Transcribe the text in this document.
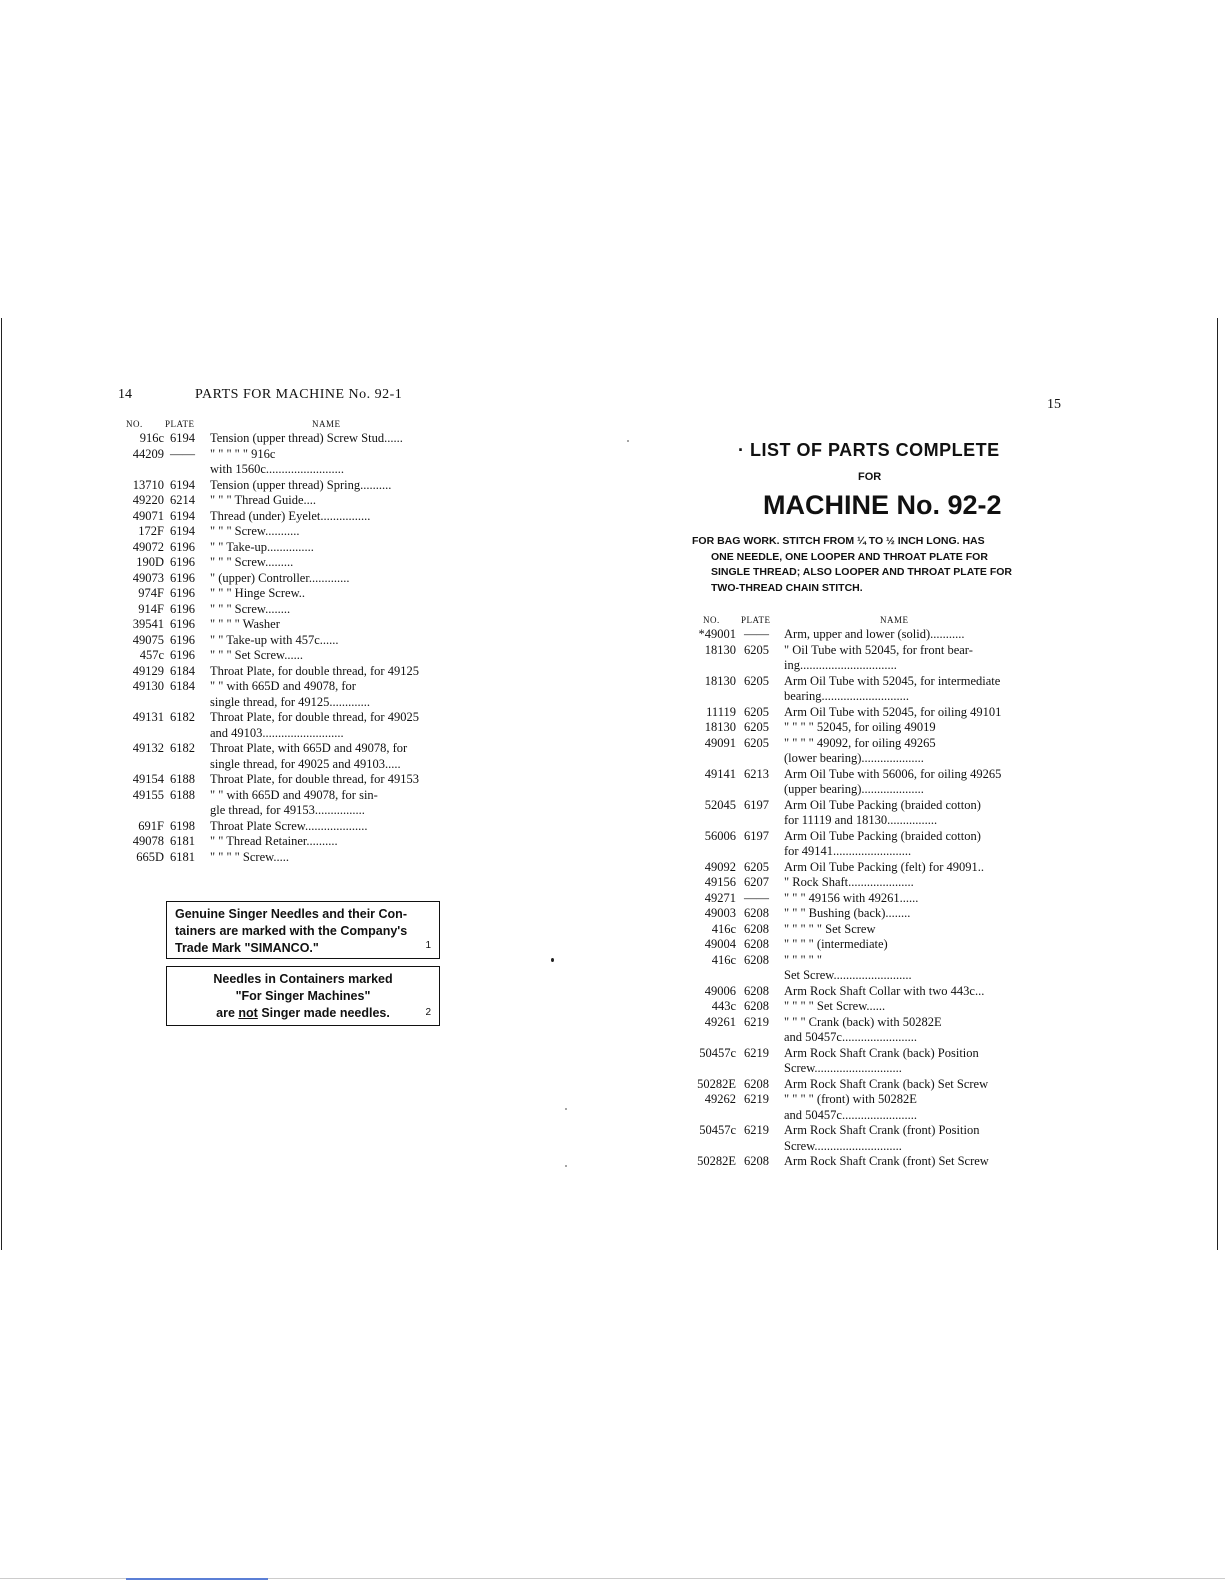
14	PARTS FOR MACHINE No. 92-1
NO. PLATE	NAME
916c 6194	Tension (upper thread) Screw Stud......
44209 ——	" " " " " 916c
with 1560c.........................
13710 6194	Tension (upper thread) Spring..........
49220 6214	" " " Thread Guide....
49071 6194	Thread (under) Eyelet................
172F 6194	" " " Screw...........
49072 6196	" " Take-up...............
190D 6196	" " " Screw.........
49073 6196	" (upper) Controller.............
974F 6196	" " " Hinge Screw..
914F 6196	" " " Screw........
39541 6196	" " " " Washer
49075 6196	" " Take-up with 457c......
457c 6196	" " " Set Screw......
49129 6184	Throat Plate, for double thread, for 49125
49130 6184	" " with 665D and 49078, for
single thread, for 49125.............
49131 6182	Throat Plate, for double thread, for 49025
and 49103..........................
49132 6182	Throat Plate, with 665D and 49078, for
single thread, for 49025 and 49103.....
49154 6188	Throat Plate, for double thread, for 49153
49155 6188	" " with 665D and 49078, for sin-
gle thread, for 49153................
691F 6198	Throat Plate Screw....................
49078 6181	" " Thread Retainer..........
665D 6181	" " " " Screw.....
Genuine Singer Needles and their Con-
tainers are marked with the Company's
Trade Mark "SIMANCO."	1
Needles in Containers marked
"For Singer Machines"
are not Singer made needles.	2
15
· LIST OF PARTS COMPLETE
FOR
MACHINE No. 92-2
FOR BAG WORK. STITCH FROM ¼ TO ½ INCH LONG. HAS
ONE NEEDLE, ONE LOOPER AND THROAT PLATE FOR
SINGLE THREAD; ALSO LOOPER AND THROAT PLATE FOR
TWO-THREAD CHAIN STITCH.
NO. PLATE	NAME
*49001 ——	Arm, upper and lower (solid)...........
18130 6205	" Oil Tube with 52045, for front bear-
ing...............................
18130 6205	Arm Oil Tube with 52045, for intermediate
bearing............................
11119 6205	Arm Oil Tube with 52045, for oiling 49101
18130 6205	" " " " 52045, for oiling 49019
49091 6205	" " " " 49092, for oiling 49265
(lower bearing)....................
49141 6213	Arm Oil Tube with 56006, for oiling 49265
(upper bearing)....................
52045 6197	Arm Oil Tube Packing (braided cotton)
for 11119 and 18130................
56006 6197	Arm Oil Tube Packing (braided cotton)
for 49141.........................
49092 6205	Arm Oil Tube Packing (felt) for 49091..
49156 6207	" Rock Shaft.....................
49271 ——	" " " 49156 with 49261......
49003 6208	" " " Bushing (back)........
416c 6208	" " " " " Set Screw
49004 6208	" " " " (intermediate)
416c 6208	" " " " "
Set Screw.........................
49006 6208	Arm Rock Shaft Collar with two 443c...
443c 6208	" " " " Set Screw......
49261 6219	" " " Crank (back) with 50282E
and 50457c........................
50457c 6219	Arm Rock Shaft Crank (back) Position
Screw............................
50282E 6208	Arm Rock Shaft Crank (back) Set Screw
49262 6219	" " " " (front) with 50282E
and 50457c........................
50457c 6219	Arm Rock Shaft Crank (front) Position
Screw............................
50282E 6208	Arm Rock Shaft Crank (front) Set Screw
